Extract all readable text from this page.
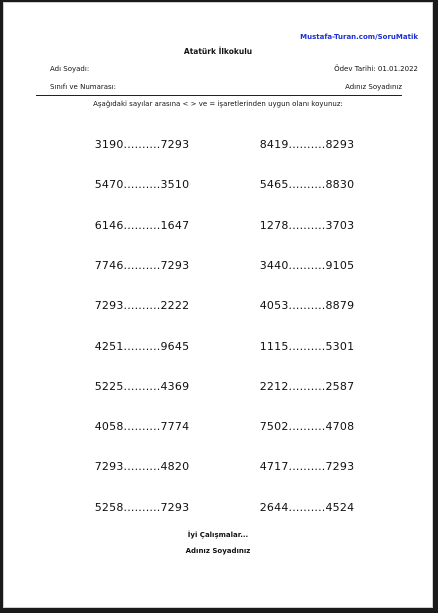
Mustafa-Turan.com/SoruMatik
Atatürk İlkokulu
Adı Soyadı:	Ödev Tarihi: 01.01.2022
Sınıfı ve Numarası:	Adınız Soyadınız
Aşağıdaki sayılar arasına < > ve = işaretlerinden uygun olanı koyunuz:
3190..........7293
5470..........3510
6146..........1647
7746..........7293
7293..........2222
4251..........9645
5225..........4369
4058..........7774
7293..........4820
5258..........7293
8419..........8293
5465..........8830
1278..........3703
3440..........9105
4053..........8879
1115..........5301
2212..........2587
7502..........4708
4717..........7293
2644..........4524
İyi Çalışmalar...
Adınız Soyadınız
